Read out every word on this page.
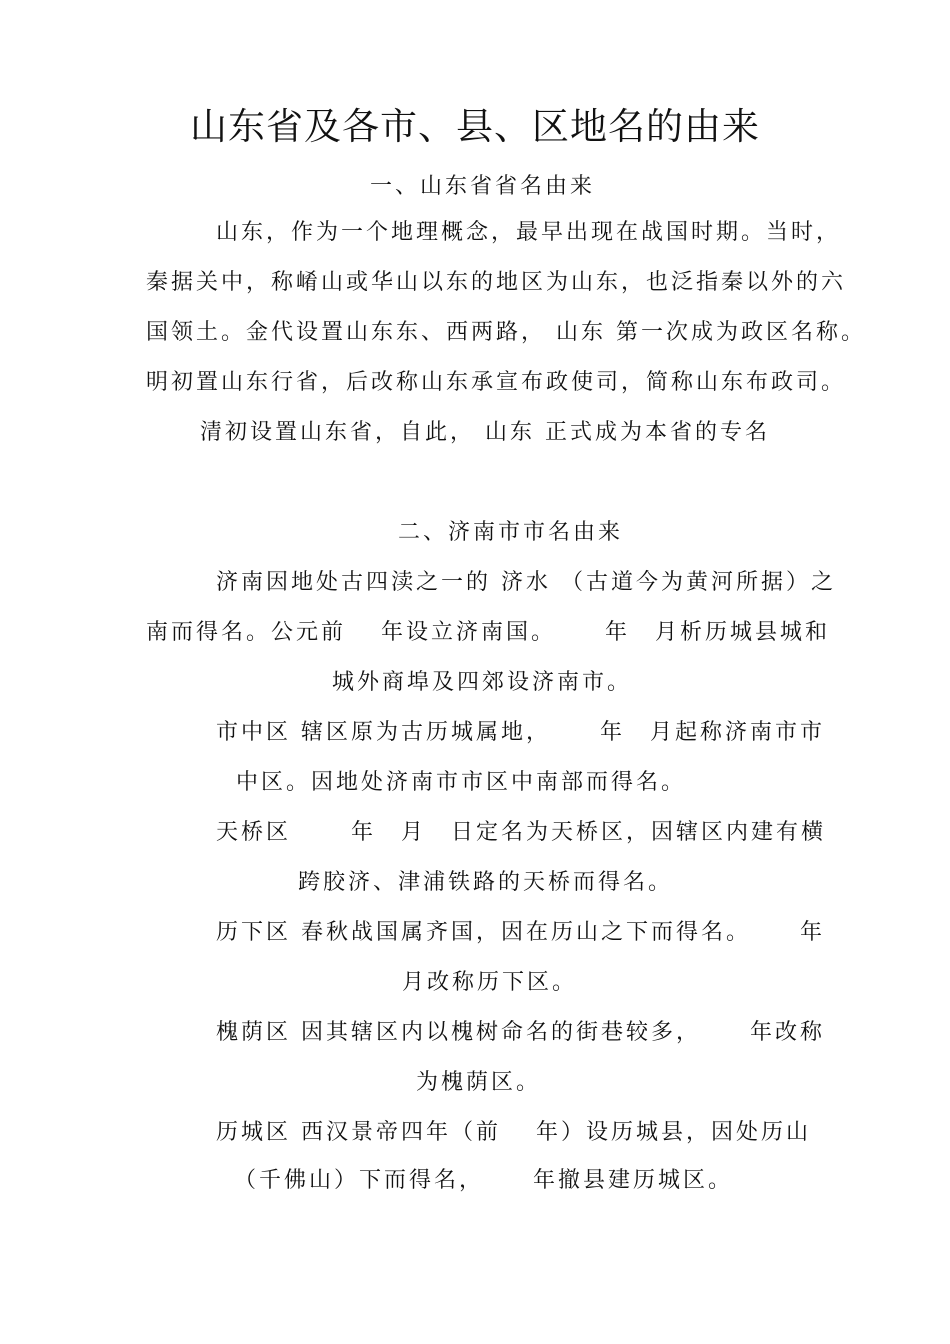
山东省及各市、县、区地名的由来
一、山东省省名由来
山东，作为一个地理概念，最早出现在战国时期。当时，
秦据关中，称崤山或华山以东的地区为山东，也泛指秦以外的六
国领土。金代设置山东东、西两路， 山东 第一次成为政区名称。
明初置山东行省，后改称山东承宣布政使司，简称山东布政司。
清初设置山东省，自此， 山东 正式成为本省的专名
二、济南市市名由来
济南因地处古四渎之一的 济水 （古道今为黄河所据）之
南而得名。公元前　 年设立济南国。　　 年　月析历城县城和
城外商埠及四郊设济南市。
市中区 辖区原为古历城属地，　　 年　月起称济南市市
中区。因地处济南市市区中南部而得名。
天桥区　　 年　月　日定名为天桥区，因辖区内建有横
跨胶济、津浦铁路的天桥而得名。
历下区 春秋战国属齐国，因在历山之下而得名。　　 年
月改称历下区。
槐荫区 因其辖区内以槐树命名的街巷较多，　　 年改称
为槐荫区。
历城区 西汉景帝四年（前　 年）设历城县，因处历山
（千佛山）下而得名，　　 年撤县建历城区。
